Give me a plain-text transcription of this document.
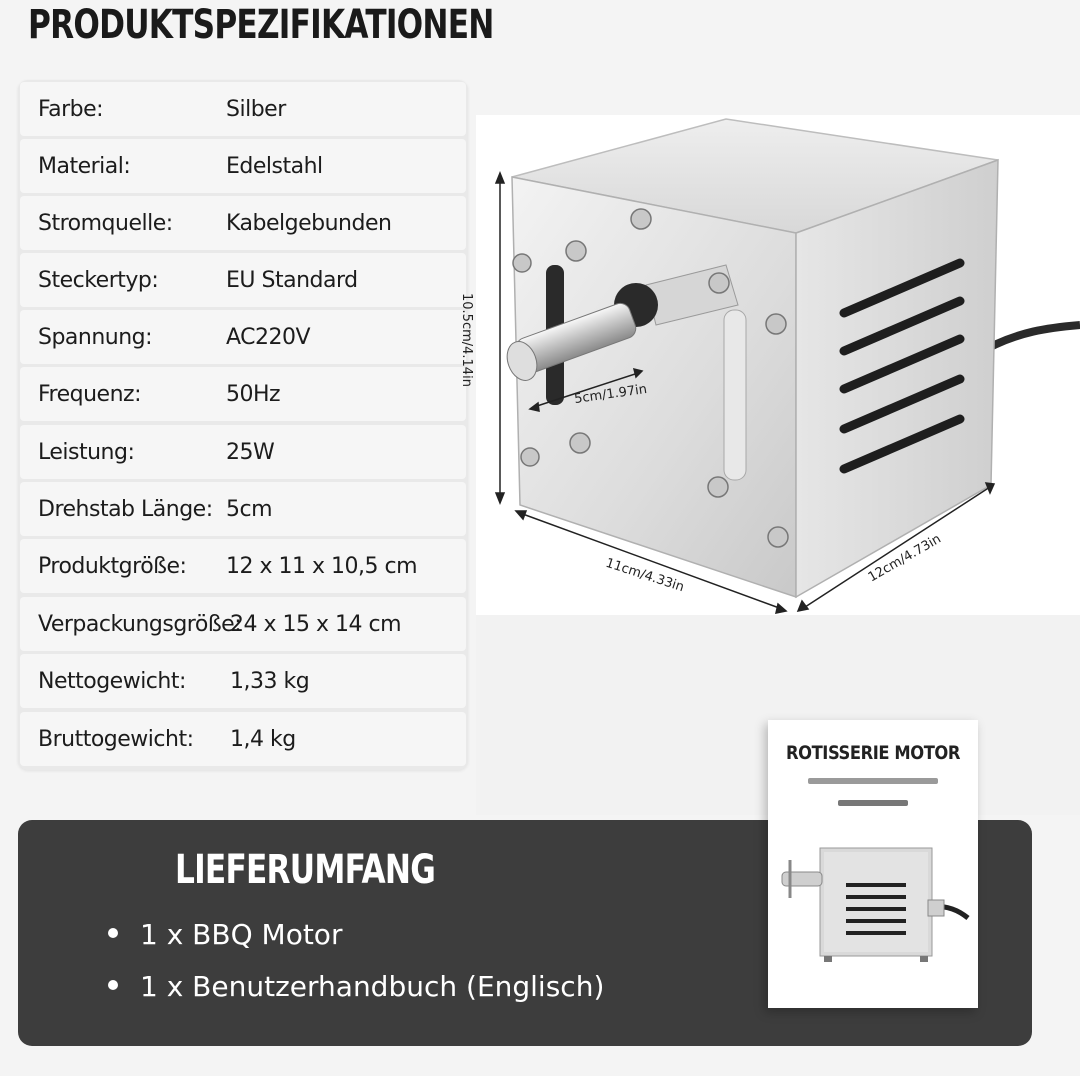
PRODUKTSPEZIFIKATIONEN
Farbe:	Silber
Material:	Edelstahl
Stromquelle:	Kabelgebunden
Steckertyp:	EU Standard
Spannung:	AC220V
Frequenz:	50Hz
Leistung:	25W
Drehstab Länge: 5cm
Produktgröße:	12 x 11 x 10,5 cm
Verpackungsgröße:
24 x 15 x 14 cm
Nettogewicht:	1,33 kg
Bruttogewicht:	1,4 kg
10.5cm/4.14in
5cm/1.97in
11cm/4.33in	12cm/4.73in
LIEFERUMFANG
1 x BBQ Motor
1 x Benutzerhandbuch (Englisch)
ROTISSERIE MOTOR
